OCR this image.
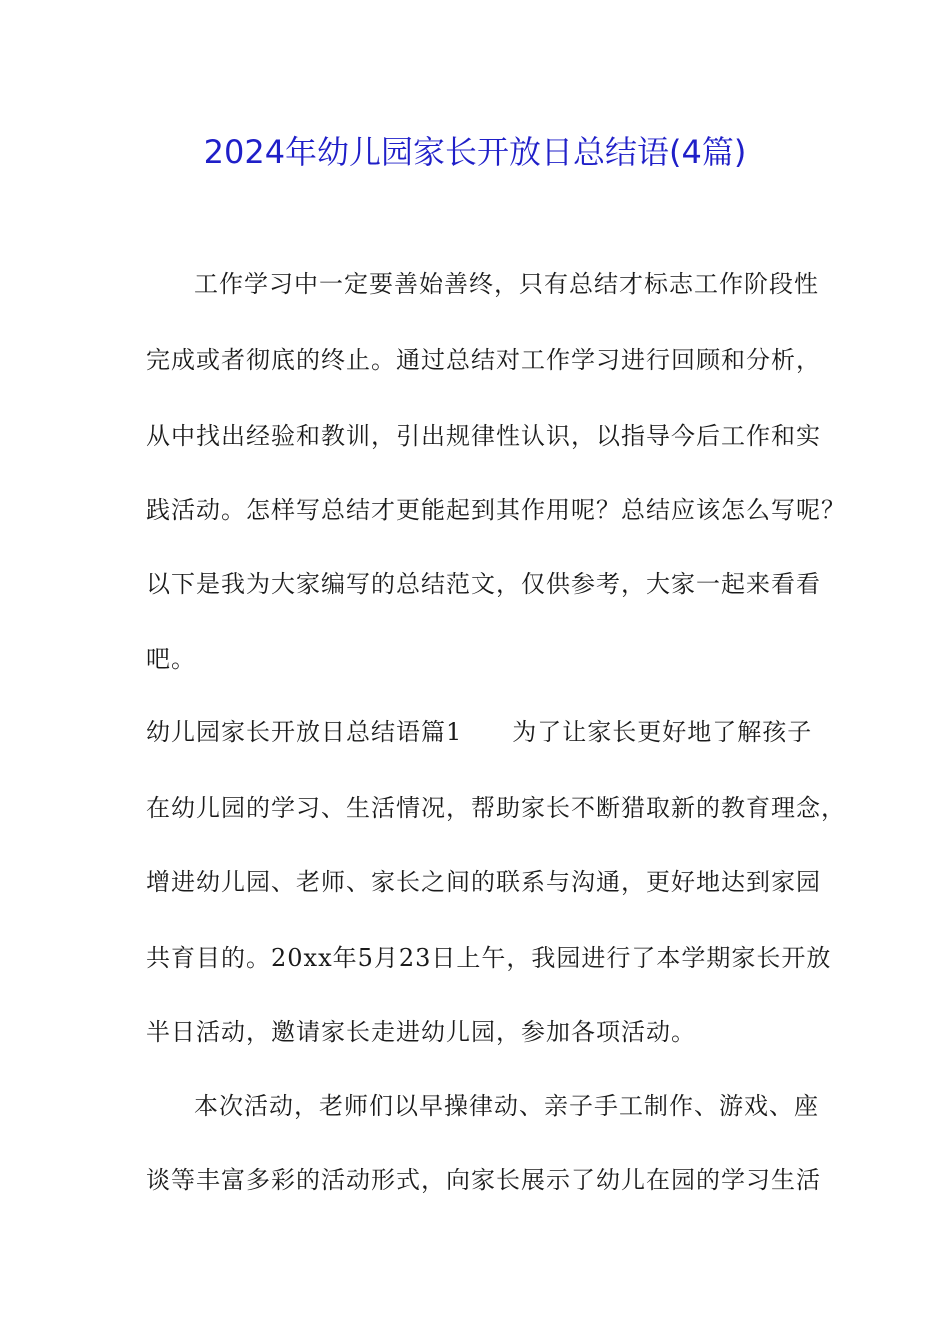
2024年幼儿园家长开放日总结语(4篇)
工作学习中一定要善始善终，只有总结才标志工作阶段性
完成或者彻底的终止。通过总结对工作学习进行回顾和分析，
从中找出经验和教训，引出规律性认识，以指导今后工作和实
践活动。怎样写总结才更能起到其作用呢？总结应该怎么写呢？
以下是我为大家编写的总结范文，仅供参考，大家一起来看看
吧。
幼儿园家长开放日总结语篇1　　为了让家长更好地了解孩子
在幼儿园的学习、生活情况，帮助家长不断猎取新的教育理念，
增进幼儿园、老师、家长之间的联系与沟通，更好地达到家园
共育目的。20xx年5月23日上午，我园进行了本学期家长开放
半日活动，邀请家长走进幼儿园，参加各项活动。
本次活动，老师们以早操律动、亲子手工制作、游戏、座
谈等丰富多彩的活动形式，向家长展示了幼儿在园的学习生活
